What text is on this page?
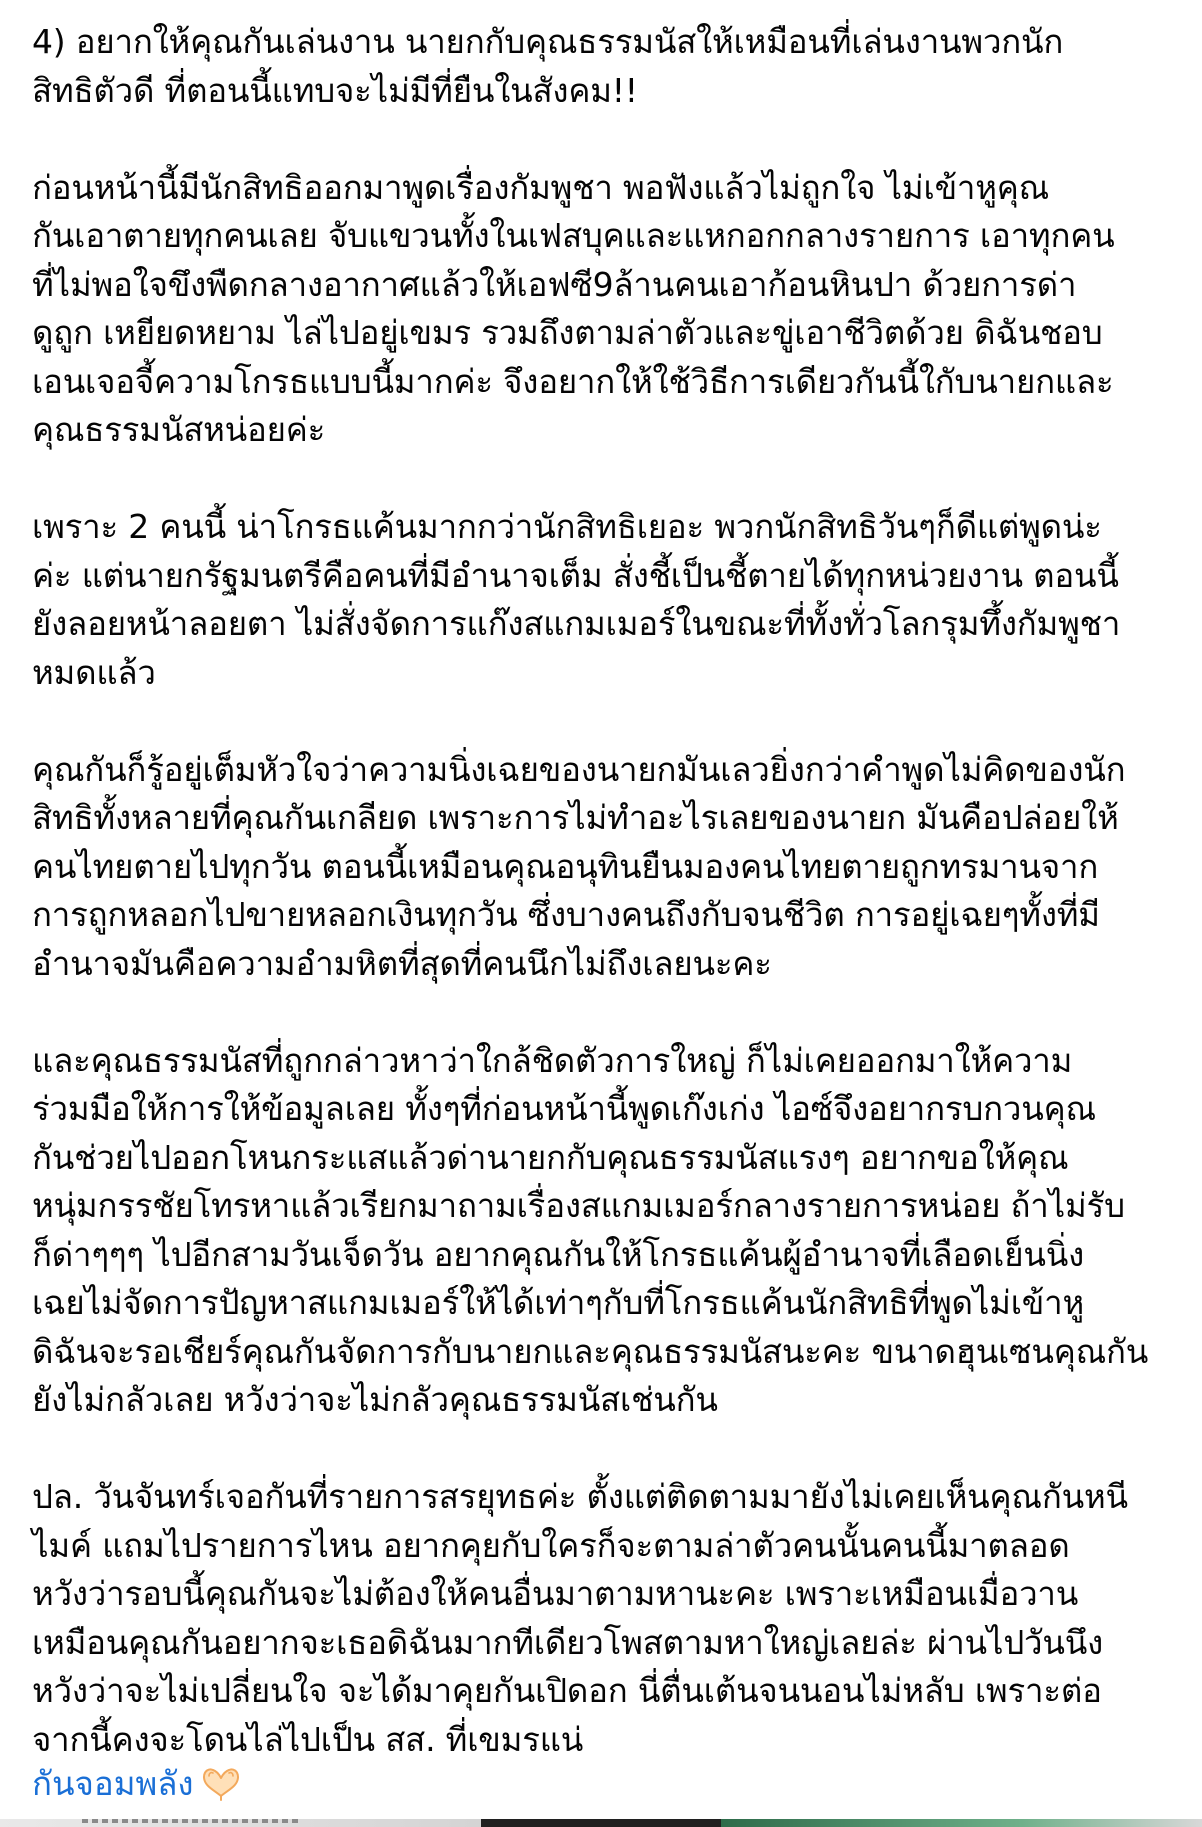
4) อยากให้คุณกันเล่นงาน นายกกับคุณธรรมนัสให้เหมือนที่เล่นงานพวกนัก
สิทธิตัวดี ที่ตอนนี้แทบจะไม่มีที่ยืนในสังคม!!
ก่อนหน้านี้มีนักสิทธิออกมาพูดเรื่องกัมพูชา พอฟังแล้วไม่ถูกใจ ไม่เข้าหูคุณ
กันเอาตายทุกคนเลย จับแขวนทั้งในเฟสบุคและแหกอกกลางรายการ เอาทุกคน
ที่ไม่พอใจขึงพืดกลางอากาศแล้วให้เอฟซี9ล้านคนเอาก้อนหินปา ด้วยการด่า
ดูถูก เหยียดหยาม ไล่ไปอยู่เขมร รวมถึงตามล่าตัวและขู่เอาชีวิตด้วย ดิฉันชอบ
เอนเจอจี้ความโกรธแบบนี้มากค่ะ จึงอยากให้ใช้วิธีการเดียวกันนี้ใกับนายกและ
คุณธรรมนัสหน่อยค่ะ
เพราะ 2 คนนี้ น่าโกรธแค้นมากกว่านักสิทธิเยอะ พวกนักสิทธิวันๆก็ดีแต่พูดน่ะ
ค่ะ แต่นายกรัฐมนตรีคือคนที่มีอำนาจเต็ม สั่งชี้เป็นชี้ตายได้ทุกหน่วยงาน ตอนนี้
ยังลอยหน้าลอยตา ไม่สั่งจัดการแก๊งสแกมเมอร์ในขณะที่ทั้งทั่วโลกรุมทึ้งกัมพูชา
หมดแล้ว
คุณกันก็รู้อยู่เต็มหัวใจว่าความนิ่งเฉยของนายกมันเลวยิ่งกว่าคำพูดไม่คิดของนัก
สิทธิทั้งหลายที่คุณกันเกลียด เพราะการไม่ทำอะไรเลยของนายก มันคือปล่อยให้
คนไทยตายไปทุกวัน ตอนนี้เหมือนคุณอนุทินยืนมองคนไทยตายถูกทรมานจาก
การถูกหลอกไปขายหลอกเงินทุกวัน ซึ่งบางคนถึงกับจนชีวิต การอยู่เฉยๆทั้งที่มี
อำนาจมันคือความอำมหิตที่สุดที่คนนึกไม่ถึงเลยนะคะ
และคุณธรรมนัสที่ถูกกล่าวหาว่าใกล้ชิดตัวการใหญ่ ก็ไม่เคยออกมาให้ความ
ร่วมมือให้การให้ข้อมูลเลย ทั้งๆที่ก่อนหน้านี้พูดเก๊งเก่ง ไอซ์จึงอยากรบกวนคุณ
กันช่วยไปออกโหนกระแสแล้วด่านายกกับคุณธรรมนัสแรงๆ อยากขอให้คุณ
หนุ่มกรรชัยโทรหาแล้วเรียกมาถามเรื่องสแกมเมอร์กลางรายการหน่อย ถ้าไม่รับ
ก็ด่าๆๆๆ ไปอีกสามวันเจ็ดวัน อยากคุณกันให้โกรธแค้นผู้อำนาจที่เลือดเย็นนิ่ง
เฉยไม่จัดการปัญหาสแกมเมอร์ให้ได้เท่าๆกับที่โกรธแค้นนักสิทธิที่พูดไม่เข้าหู
ดิฉันจะรอเชียร์คุณกันจัดการกับนายกและคุณธรรมนัสนะคะ ขนาดฮุนเซนคุณกัน
ยังไม่กลัวเลย หวังว่าจะไม่กลัวคุณธรรมนัสเช่นกัน
ปล. วันจันทร์เจอกันที่รายการสรยุทธค่ะ ตั้งแต่ติดตามมายังไม่เคยเห็นคุณกันหนี
ไมค์ แถมไปรายการไหน อยากคุยกับใครก็จะตามล่าตัวคนนั้นคนนี้มาตลอด
หวังว่ารอบนี้คุณกันจะไม่ต้องให้คนอื่นมาตามหานะคะ เพราะเหมือนเมื่อวาน
เหมือนคุณกันอยากจะเธอดิฉันมากทีเดียวโพสตามหาใหญ่เลยล่ะ ผ่านไปวันนึง
หวังว่าจะไม่เปลี่ยนใจ จะได้มาคุยกันเปิดอก นี่ตื่นเต้นจนนอนไม่หลับ เพราะต่อ
จากนี้คงจะโดนไล่ไปเป็น สส. ที่เขมรแน่
กันจอมพลัง
